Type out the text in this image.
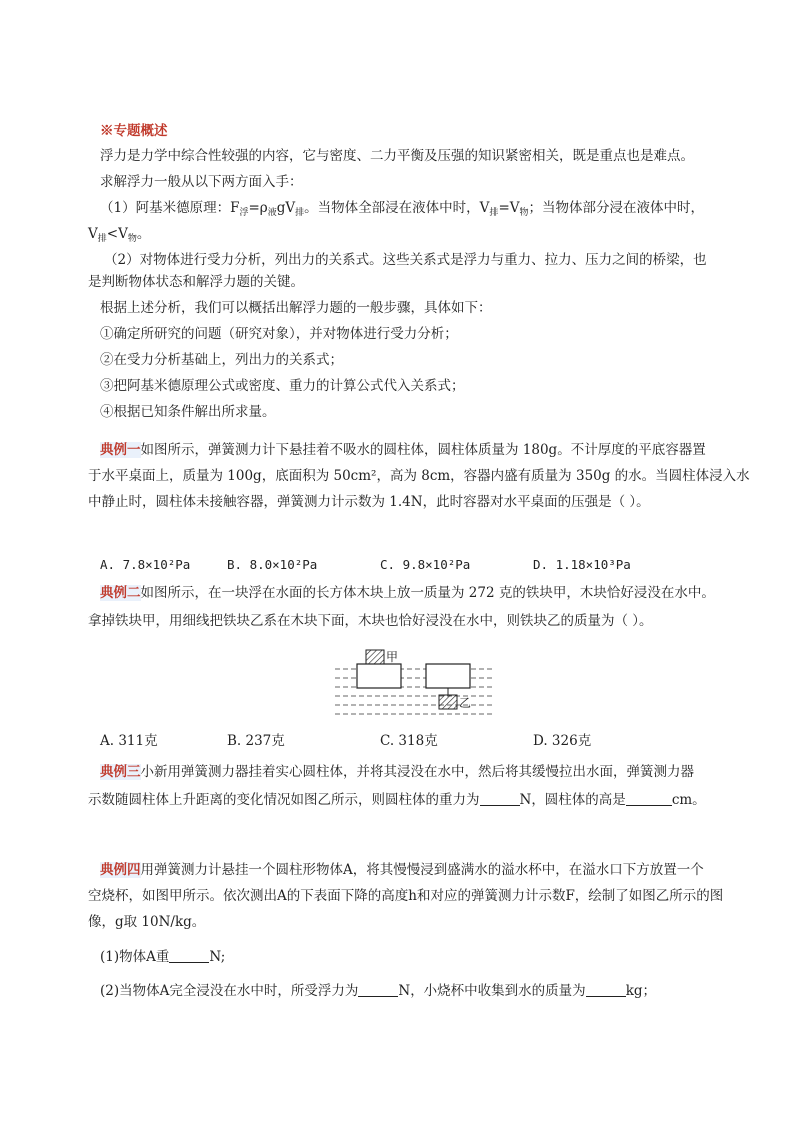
※专题概述
浮力是力学中综合性较强的内容，它与密度、二力平衡及压强的知识紧密相关，既是重点也是难点。
求解浮力一般从以下两方面入手：
（1）阿基米德原理：$F_浮=\rho_液gV_排$。当物体全部浸在液体中时，$V_排=V_物$；当物体部分浸在液体中时，
$V_排<V_物$。
（2）对物体进行受力分析，列出力的关系式。这些关系式是浮力与重力、拉力、压力之间的桥梁，也
是判断物体状态和解浮力题的关键。
根据上述分析，我们可以概括出解浮力题的一般步骤，具体如下：
①确定所研究的问题（研究对象），并对物体进行受力分析；
②在受力分析基础上，列出力的关系式；
③把阿基米德原理公式或密度、重力的计算公式代入关系式；
④根据已知条件解出所求量。
典例一如图所示，弹簧测力计下悬挂着不吸水的圆柱体，圆柱体质量为 180g。不计厚度的平底容器置
于水平桌面上，质量为 100g，底面积为 50cm²，高为 8cm，容器内盛有质量为 350g 的水。当圆柱体浸入水
中静止时，圆柱体未接触容器，弹簧测力计示数为 1.4N，此时容器对水平桌面的压强是（ ）。
A. 7.8×10²Pa	B. 8.0×10²Pa	C. 9.8×10²Pa	D. 1.18×10³Pa
典例二如图所示，在一块浮在水面的长方体木块上放一质量为 272 克的铁块甲，木块恰好浸没在水中。
拿掉铁块甲，用细线把铁块乙系在木块下面，木块也恰好浸没在水中，则铁块乙的质量为（ ）。
甲
乙
A. 311克	B. 237克	C. 318克	D. 326克
典例三小新用弹簧测力器挂着实心圆柱体，并将其浸没在水中，然后将其缓慢拉出水面，弹簧测力器
示数随圆柱体上升距离的变化情况如图乙所示，则圆柱体的重力为	N，圆柱体的高是	cm。
典例四用弹簧测力计悬挂一个圆柱形物体A，将其慢慢浸到盛满水的溢水杯中，在溢水口下方放置一个
空烧杯，如图甲所示。依次测出A的下表面下降的高度h和对应的弹簧测力计示数F，绘制了如图乙所示的图
像，g取 10N/kg。
(1)物体A重	N;
(2)当物体A完全浸没在水中时，所受浮力为	N，小烧杯中收集到水的质量为	kg；
